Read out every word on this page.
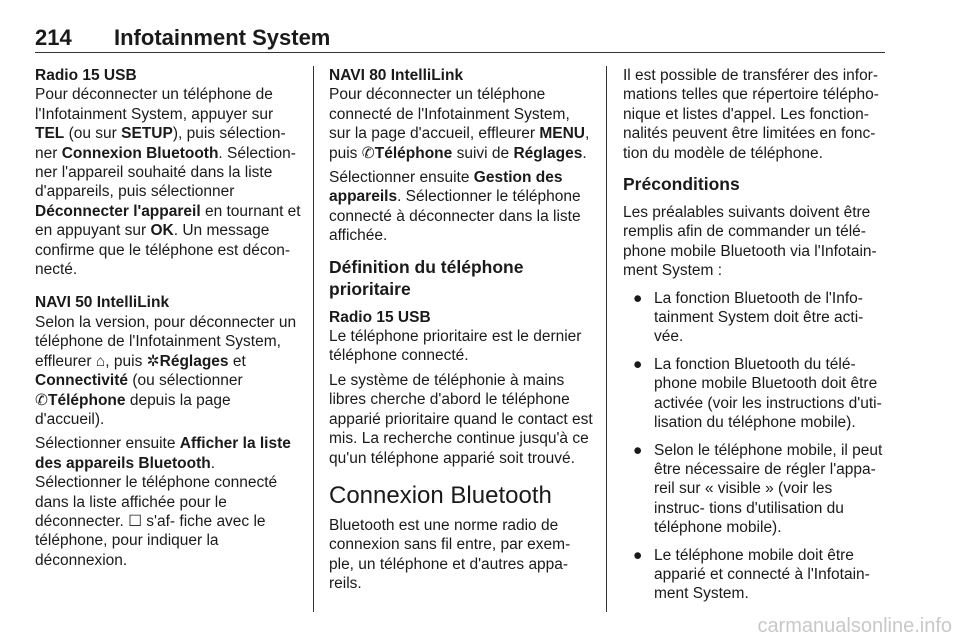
214 Infotainment System

Radio 15 USB

Pour déconnecter un téléphone de l'Infotainment System, appuyer sur TEL (ou sur SETUP), puis sélection‑ ner Connexion Bluetooth. Sélection‑ ner l'appareil souhaité dans la liste d'appareils, puis sélectionner Déconnecter l'appareil en tournant et en appuyant sur OK. Un message confirme que le téléphone est décon‑ necté.

NAVI 50 IntelliLink

Selon la version, pour déconnecter un téléphone de l'Infotainment System, effleurer ⌂, puis ✲Réglages et Connectivité (ou sélectionner ✆Téléphone depuis la page d'accueil).

Sélectionner ensuite Afficher la liste des appareils Bluetooth. Sélectionner le téléphone connecté dans la liste affichée pour le déconnecter. ☐ s'af‑ fiche avec le téléphone, pour indiquer la déconnexion.

NAVI 80 IntelliLink

Pour déconnecter un téléphone connecté de l'Infotainment System, sur la page d'accueil, effleurer MENU, puis ✆Téléphone suivi de Réglages.

Sélectionner ensuite Gestion des appareils. Sélectionner le téléphone connecté à déconnecter dans la liste affichée.

Définition du téléphone prioritaire

Radio 15 USB

Le téléphone prioritaire est le dernier téléphone connecté.

Le système de téléphonie à mains libres cherche d'abord le téléphone apparié prioritaire quand le contact est mis. La recherche continue jusqu'à ce qu'un téléphone apparié soit trouvé.

Connexion Bluetooth

Bluetooth est une norme radio de connexion sans fil entre, par exem‑ ple, un téléphone et d'autres appa‑ reils.

Il est possible de transférer des infor‑ mations telles que répertoire télépho‑ nique et listes d'appel. Les fonction‑ nalités peuvent être limitées en fonc‑ tion du modèle de téléphone.

Préconditions

Les préalables suivants doivent être remplis afin de commander un télé‑ phone mobile Bluetooth via l'Infotain‑ ment System :

● La fonction Bluetooth de l'Info‑ tainment System doit être acti‑ vée.
● La fonction Bluetooth du télé‑ phone mobile Bluetooth doit être activée (voir les instructions d'uti‑ lisation du téléphone mobile).
● Selon le téléphone mobile, il peut être nécessaire de régler l'appa‑ reil sur « visible » (voir les instruc‑ tions d'utilisation du téléphone mobile).
● Le téléphone mobile doit être apparié et connecté à l'Infotain‑ ment System.
carmanualsonline.info
